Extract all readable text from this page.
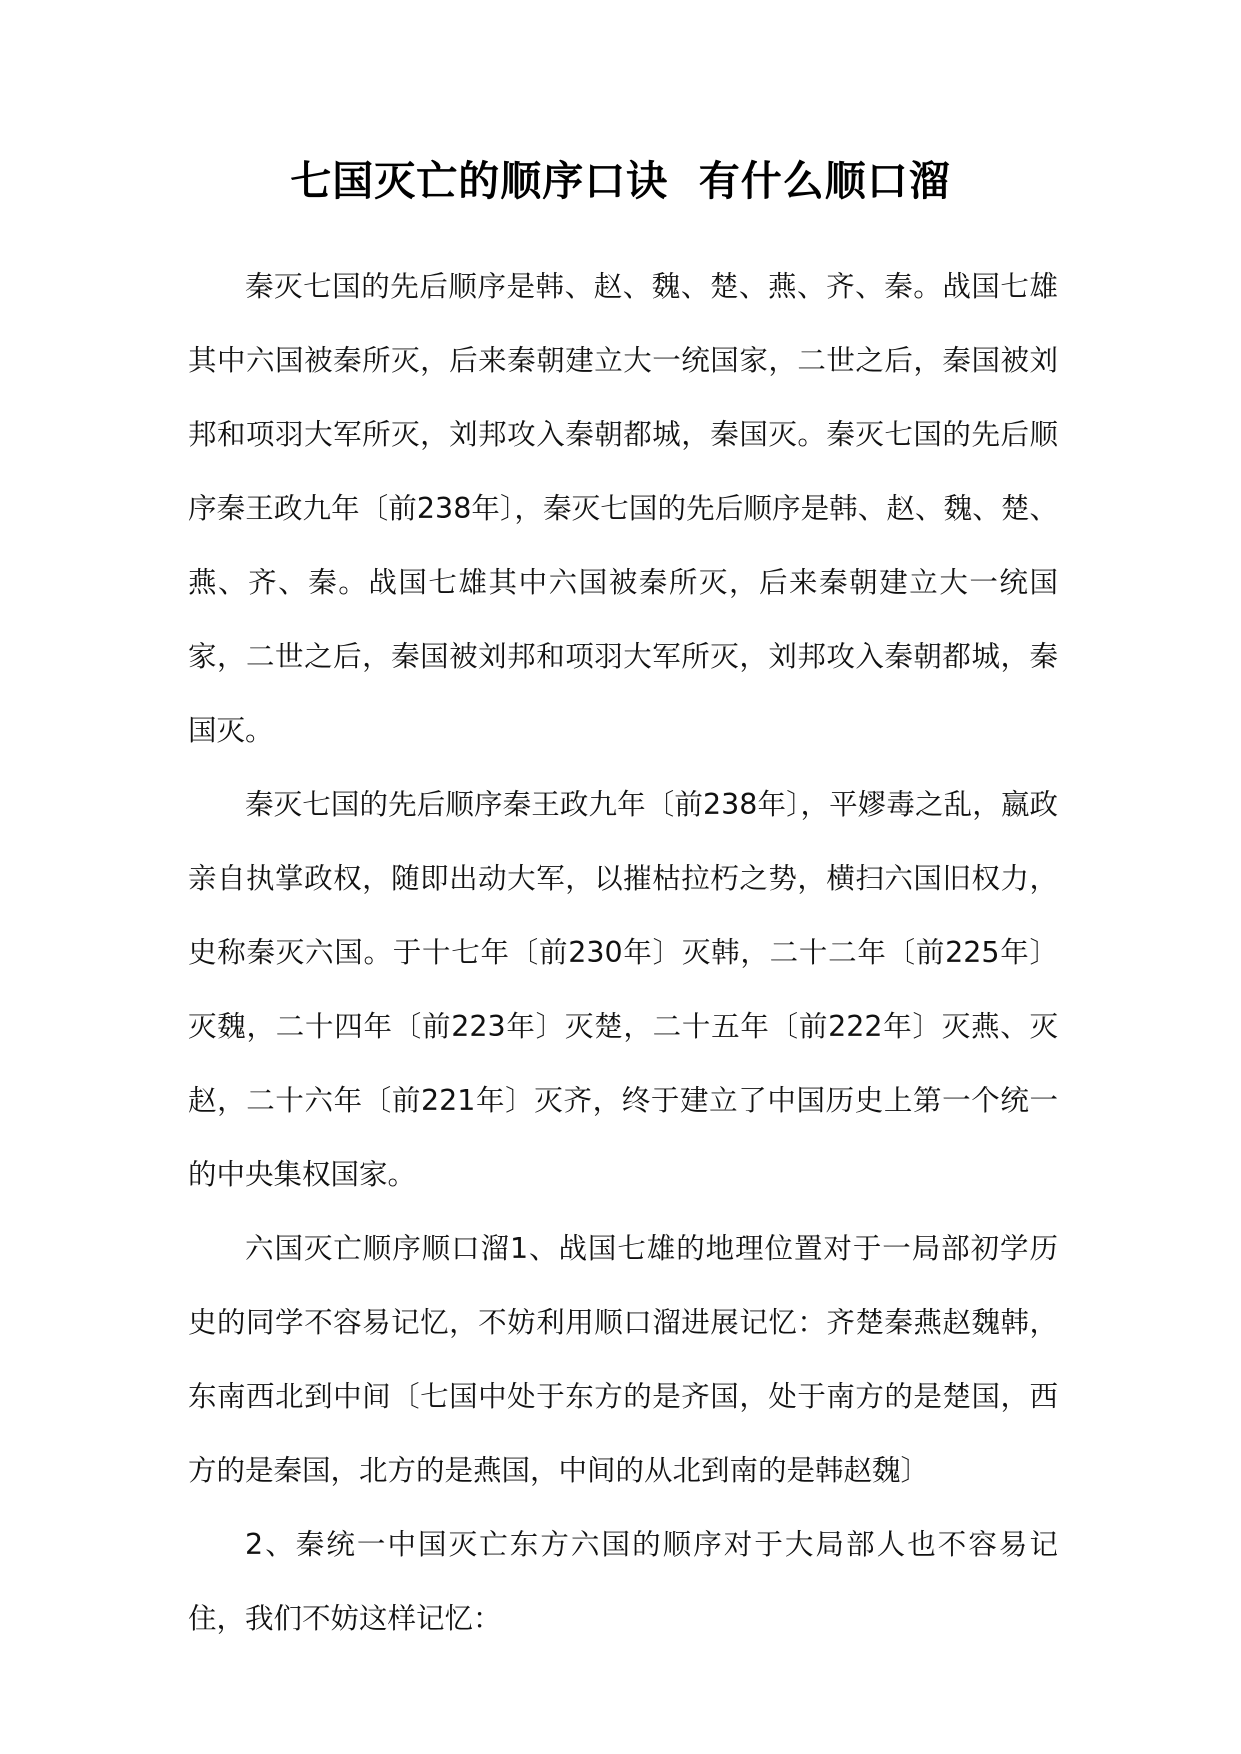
七国灭亡的顺序口诀  有什么顺口溜

秦灭七国的先后顺序是韩、赵、魏、楚、燕、齐、秦。战国七雄其中六国被秦所灭，后来秦朝建立大一统国家，二世之后，秦国被刘邦和项羽大军所灭，刘邦攻入秦朝都城，秦国灭。秦灭七国的先后顺序秦王政九年〔前238年〕，秦灭七国的先后顺序是韩、赵、魏、楚、燕、齐、秦。战国七雄其中六国被秦所灭，后来秦朝建立大一统国家，二世之后，秦国被刘邦和项羽大军所灭，刘邦攻入秦朝都城，秦国灭。

秦灭七国的先后顺序秦王政九年〔前238年〕，平嫪毒之乱，嬴政亲自执掌政权，随即出动大军，以摧枯拉朽之势，横扫六国旧权力，史称秦灭六国。于十七年〔前230年〕灭韩，二十二年〔前225年〕灭魏，二十四年〔前223年〕灭楚，二十五年〔前222年〕灭燕、灭赵，二十六年〔前221年〕灭齐，终于建立了中国历史上第一个统一的中央集权国家。

六国灭亡顺序顺口溜1、战国七雄的地理位置对于一局部初学历史的同学不容易记忆，不妨利用顺口溜进展记忆：齐楚秦燕赵魏韩，东南西北到中间〔七国中处于东方的是齐国，处于南方的是楚国，西方的是秦国，北方的是燕国，中间的从北到南的是韩赵魏〕

2、秦统一中国灭亡东方六国的顺序对于大局部人也不容易记住，我们不妨这样记忆：
